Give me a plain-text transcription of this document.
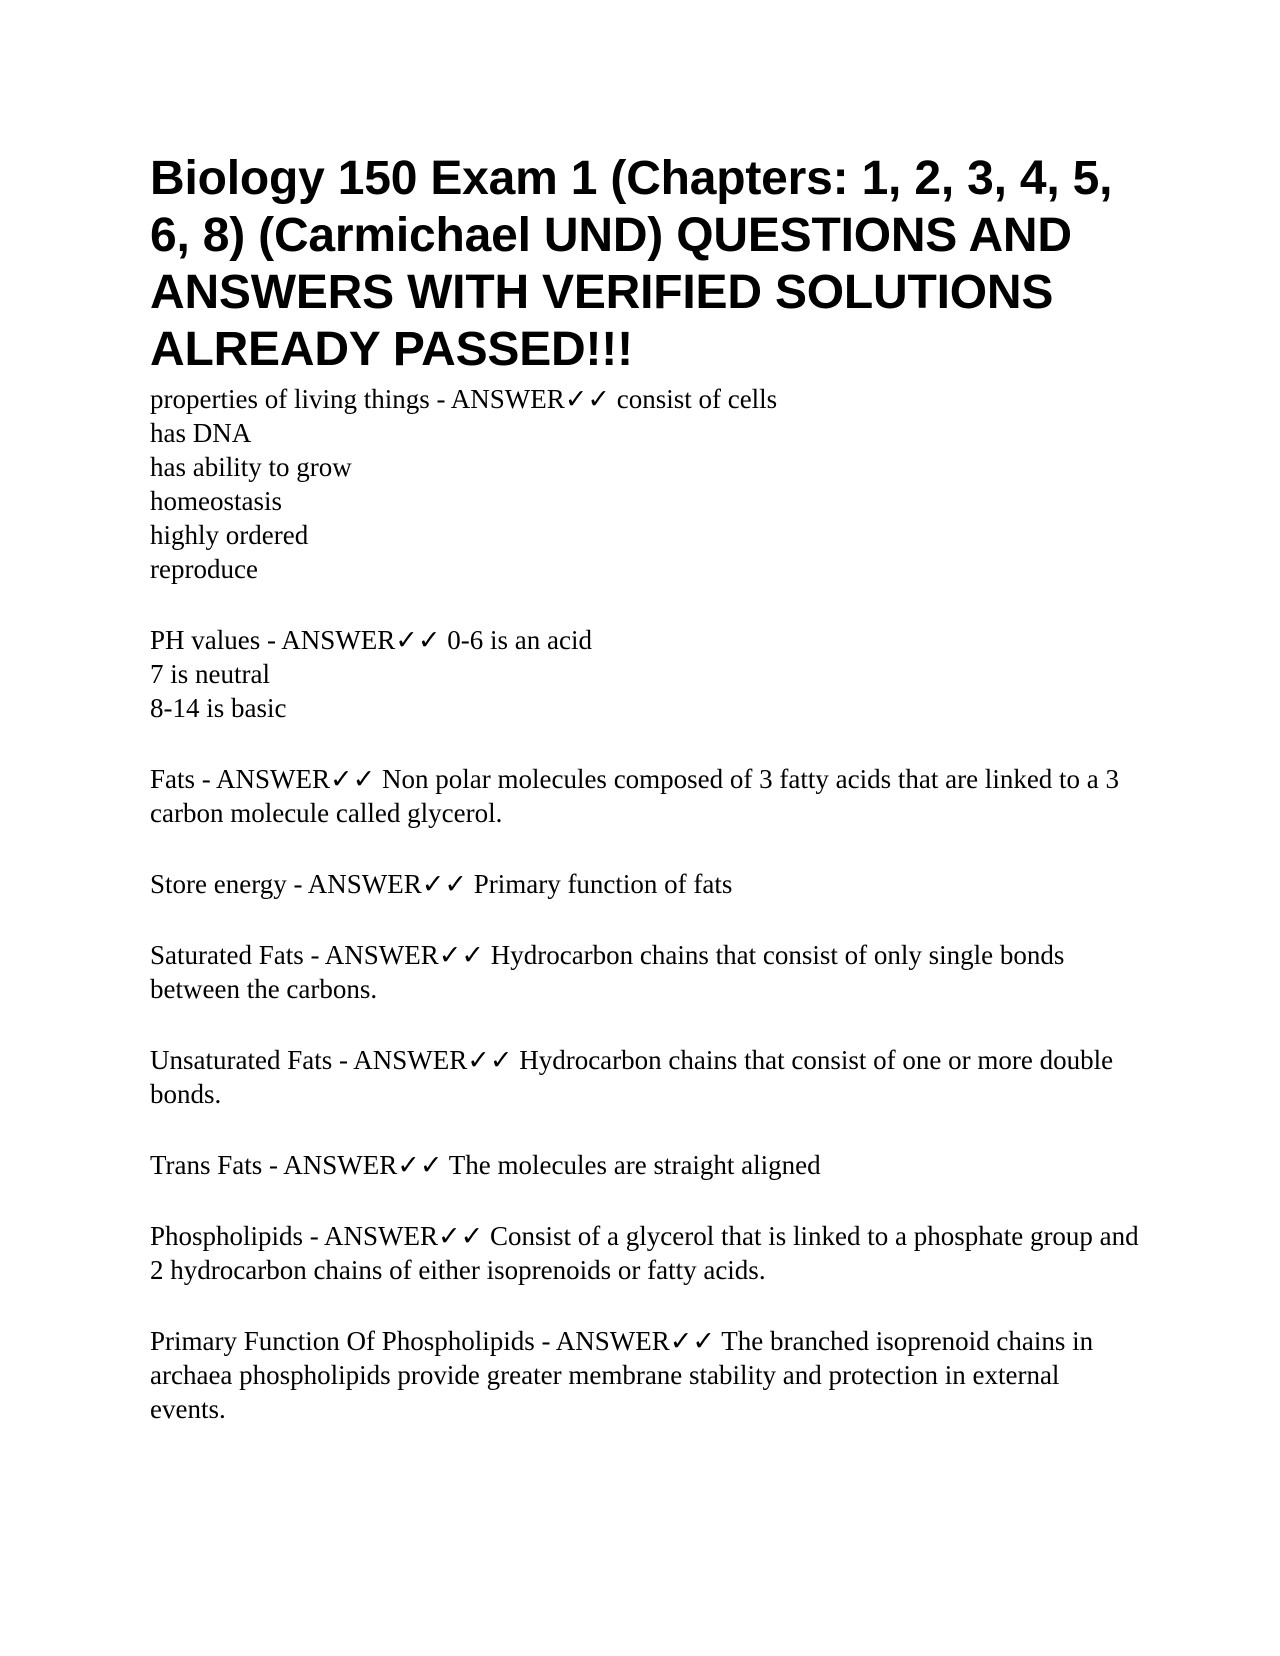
Biology 150 Exam 1 (Chapters: 1, 2, 3, 4, 5, 6, 8) (Carmichael UND) QUESTIONS AND ANSWERS WITH VERIFIED SOLUTIONS ALREADY PASSED!!!
properties of living things - ANSWER✓✓ consist of cells
has DNA
has ability to grow
homeostasis
highly ordered
reproduce
PH values - ANSWER✓✓ 0-6 is an acid
7 is neutral
8-14 is basic
Fats - ANSWER✓✓ Non polar molecules composed of 3 fatty acids that are linked to a 3 carbon molecule called glycerol.
Store energy - ANSWER✓✓ Primary function of fats
Saturated Fats - ANSWER✓✓ Hydrocarbon chains that consist of only single bonds between the carbons.
Unsaturated Fats - ANSWER✓✓ Hydrocarbon chains that consist of one or more double bonds.
Trans Fats - ANSWER✓✓ The molecules are straight aligned
Phospholipids - ANSWER✓✓ Consist of a glycerol that is linked to a phosphate group and 2 hydrocarbon chains of either isoprenoids or fatty acids.
Primary Function Of Phospholipids - ANSWER✓✓ The branched isoprenoid chains in archaea phospholipids provide greater membrane stability and protection in external events.
